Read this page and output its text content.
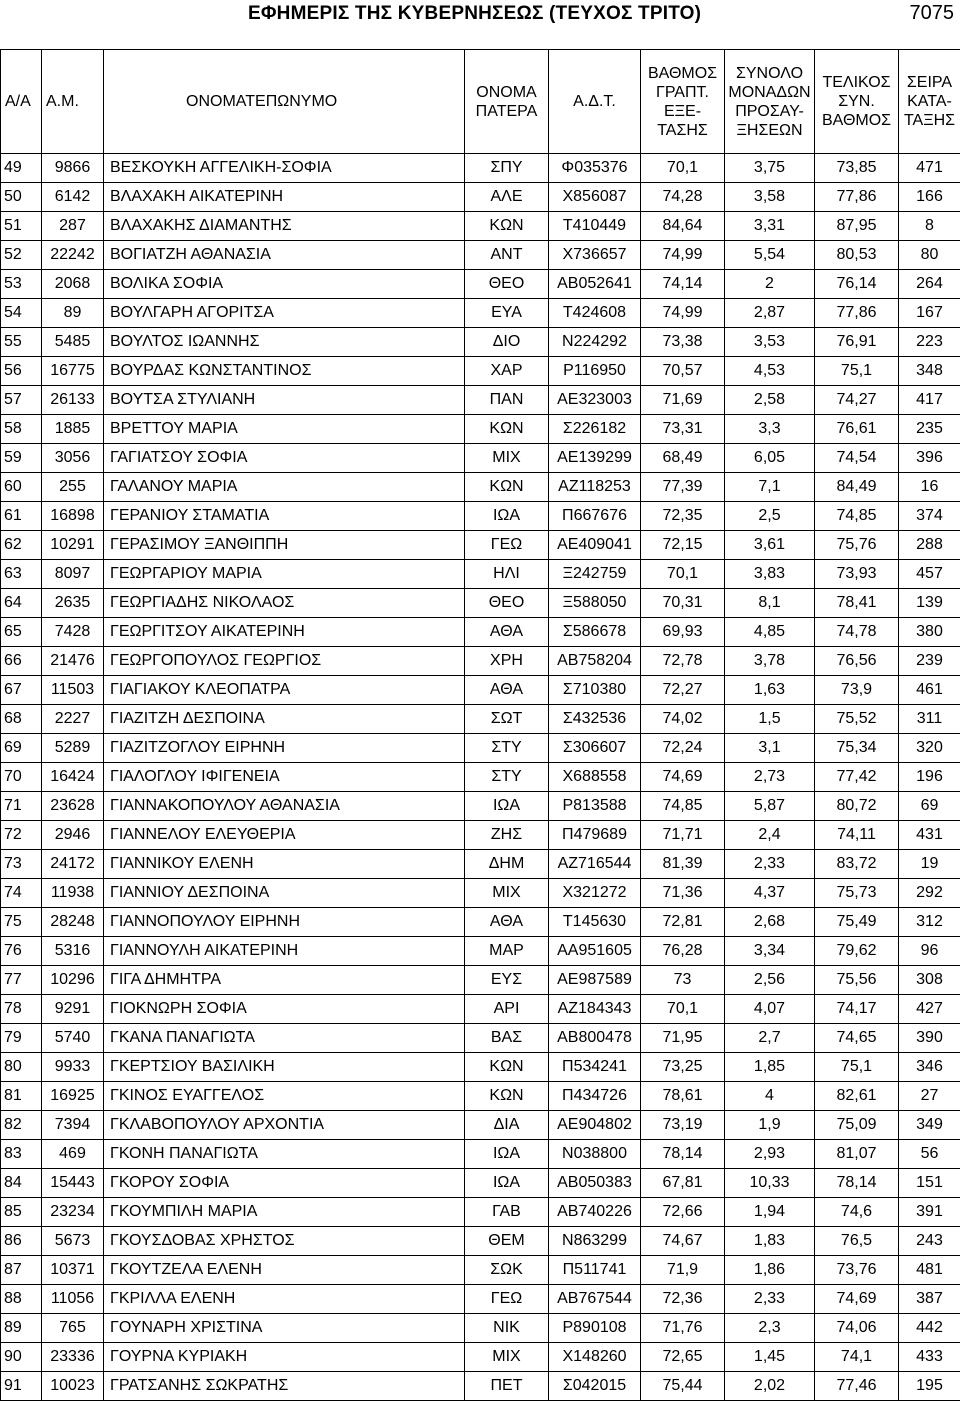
ΕΦΗΜΕΡΙΣ ΤΗΣ ΚΥΒΕΡΝΗΣΕΩΣ (ΤΕΥΧΟΣ ΤΡΙΤΟ)	7075
Α/Α	Α.Μ.	ΟΝΟΜΑΤΕΠΩΝΥΜΟ	ΟΝΟΜΑ ΠΑΤΕΡΑ	Α.Δ.Τ.	ΒΑΘΜΟΣ ΓΡΑΠΤ. ΕΞΕ-ΤΑΣΗΣ	ΣΥΝΟΛΟ ΜΟΝΑΔΩΝ ΠΡΟΣΑΥ-ΞΗΣΕΩΝ	ΤΕΛΙΚΟΣ ΣΥΝ. ΒΑΘΜΟΣ	ΣΕΙΡΑ ΚΑΤΑ-ΤΑΞΗΣ
49	9866	ΒΕΣΚΟΥΚΗ ΑΓΓΕΛΙΚΗ-ΣΟΦΙΑ	ΣΠΥ	Φ035376	70,1	3,75	73,85	471
50	6142	ΒΛΑΧΑΚΗ ΑΙΚΑΤΕΡΙΝΗ	ΑΛΕ	Χ856087	74,28	3,58	77,86	166
51	287	ΒΛΑΧΑΚΗΣ ΔΙΑΜΑΝΤΗΣ	ΚΩΝ	Τ410449	84,64	3,31	87,95	8
52	22242	ΒΟΓΙΑΤΖΗ ΑΘΑΝΑΣΙΑ	ΑΝΤ	Χ736657	74,99	5,54	80,53	80
53	2068	ΒΟΛΙΚΑ ΣΟΦΙΑ	ΘΕΟ	ΑΒ052641	74,14	2	76,14	264
54	89	ΒΟΥΛΓΑΡΗ ΑΓΟΡΙΤΣΑ	ΕΥΑ	Τ424608	74,99	2,87	77,86	167
55	5485	ΒΟΥΛΤΟΣ ΙΩΑΝΝΗΣ	ΔΙΟ	Ν224292	73,38	3,53	76,91	223
56	16775	ΒΟΥΡΔΑΣ ΚΩΝΣΤΑΝΤΙΝΟΣ	ΧΑΡ	Ρ116950	70,57	4,53	75,1	348
57	26133	ΒΟΥΤΣΑ ΣΤΥΛΙΑΝΗ	ΠΑΝ	ΑΕ323003	71,69	2,58	74,27	417
58	1885	ΒΡΕΤΤΟΥ ΜΑΡΙΑ	ΚΩΝ	Σ226182	73,31	3,3	76,61	235
59	3056	ΓΑΓΙΑΤΣΟΥ ΣΟΦΙΑ	ΜΙΧ	ΑΕ139299	68,49	6,05	74,54	396
60	255	ΓΑΛΑΝΟΥ ΜΑΡΙΑ	ΚΩΝ	ΑΖ118253	77,39	7,1	84,49	16
61	16898	ΓΕΡΑΝΙΟΥ ΣΤΑΜΑΤΙΑ	ΙΩΑ	Π667676	72,35	2,5	74,85	374
62	10291	ΓΕΡΑΣΙΜΟΥ ΞΑΝΘΙΠΠΗ	ΓΕΩ	ΑΕ409041	72,15	3,61	75,76	288
63	8097	ΓΕΩΡΓΑΡΙΟΥ ΜΑΡΙΑ	ΗΛΙ	Ξ242759	70,1	3,83	73,93	457
64	2635	ΓΕΩΡΓΙΑΔΗΣ ΝΙΚΟΛΑΟΣ	ΘΕΟ	Ξ588050	70,31	8,1	78,41	139
65	7428	ΓΕΩΡΓΙΤΣΟΥ ΑΙΚΑΤΕΡΙΝΗ	ΑΘΑ	Σ586678	69,93	4,85	74,78	380
66	21476	ΓΕΩΡΓΟΠΟΥΛΟΣ ΓΕΩΡΓΙΟΣ	ΧΡΗ	ΑΒ758204	72,78	3,78	76,56	239
67	11503	ΓΙΑΓΙΑΚΟΥ ΚΛΕΟΠΑΤΡΑ	ΑΘΑ	Σ710380	72,27	1,63	73,9	461
68	2227	ΓΙΑΖΙΤΖΗ ΔΕΣΠΟΙΝΑ	ΣΩΤ	Σ432536	74,02	1,5	75,52	311
69	5289	ΓΙΑΖΙΤΖΟΓΛΟΥ ΕΙΡΗΝΗ	ΣΤΥ	Σ306607	72,24	3,1	75,34	320
70	16424	ΓΙΑΛΟΓΛΟΥ ΙΦΙΓΕΝΕΙΑ	ΣΤΥ	Χ688558	74,69	2,73	77,42	196
71	23628	ΓΙΑΝΝΑΚΟΠΟΥΛΟΥ ΑΘΑΝΑΣΙΑ	ΙΩΑ	Ρ813588	74,85	5,87	80,72	69
72	2946	ΓΙΑΝΝΕΛΟΥ ΕΛΕΥΘΕΡΙΑ	ΖΗΣ	Π479689	71,71	2,4	74,11	431
73	24172	ΓΙΑΝΝΙΚΟΥ ΕΛΕΝΗ	ΔΗΜ	ΑΖ716544	81,39	2,33	83,72	19
74	11938	ΓΙΑΝΝΙΟΥ ΔΕΣΠΟΙΝΑ	ΜΙΧ	Χ321272	71,36	4,37	75,73	292
75	28248	ΓΙΑΝΝΟΠΟΥΛΟΥ ΕΙΡΗΝΗ	ΑΘΑ	Τ145630	72,81	2,68	75,49	312
76	5316	ΓΙΑΝΝΟΥΛΗ ΑΙΚΑΤΕΡΙΝΗ	ΜΑΡ	ΑΑ951605	76,28	3,34	79,62	96
77	10296	ΓΙΓΑ ΔΗΜΗΤΡΑ	ΕΥΣ	ΑΕ987589	73	2,56	75,56	308
78	9291	ΓΙΟΚΝΩΡΗ ΣΟΦΙΑ	ΑΡΙ	ΑΖ184343	70,1	4,07	74,17	427
79	5740	ΓΚΑΝΑ ΠΑΝΑΓΙΩΤΑ	ΒΑΣ	ΑΒ800478	71,95	2,7	74,65	390
80	9933	ΓΚΕΡΤΣΙΟΥ ΒΑΣΙΛΙΚΗ	ΚΩΝ	Π534241	73,25	1,85	75,1	346
81	16925	ΓΚΙΝΟΣ ΕΥΑΓΓΕΛΟΣ	ΚΩΝ	Π434726	78,61	4	82,61	27
82	7394	ΓΚΛΑΒΟΠΟΥΛΟΥ ΑΡΧΟΝΤΙΑ	ΔΙΑ	ΑΕ904802	73,19	1,9	75,09	349
83	469	ΓΚΟΝΗ ΠΑΝΑΓΙΩΤΑ	ΙΩΑ	Ν038800	78,14	2,93	81,07	56
84	15443	ΓΚΟΡΟΥ ΣΟΦΙΑ	ΙΩΑ	ΑΒ050383	67,81	10,33	78,14	151
85	23234	ΓΚΟΥΜΠΙΛΗ ΜΑΡΙΑ	ΓΑΒ	ΑΒ740226	72,66	1,94	74,6	391
86	5673	ΓΚΟΥΣΔΟΒΑΣ ΧΡΗΣΤΟΣ	ΘΕΜ	Ν863299	74,67	1,83	76,5	243
87	10371	ΓΚΟΥΤΖΕΛΑ ΕΛΕΝΗ	ΣΩΚ	Π511741	71,9	1,86	73,76	481
88	11056	ΓΚΡΙΛΛΑ ΕΛΕΝΗ	ΓΕΩ	ΑΒ767544	72,36	2,33	74,69	387
89	765	ΓΟΥΝΑΡΗ ΧΡΙΣΤΙΝΑ	ΝΙΚ	Ρ890108	71,76	2,3	74,06	442
90	23336	ΓΟΥΡΝΑ ΚΥΡΙΑΚΗ	ΜΙΧ	Χ148260	72,65	1,45	74,1	433
91	10023	ΓΡΑΤΣΑΝΗΣ ΣΩΚΡΑΤΗΣ	ΠΕΤ	Σ042015	75,44	2,02	77,46	195
